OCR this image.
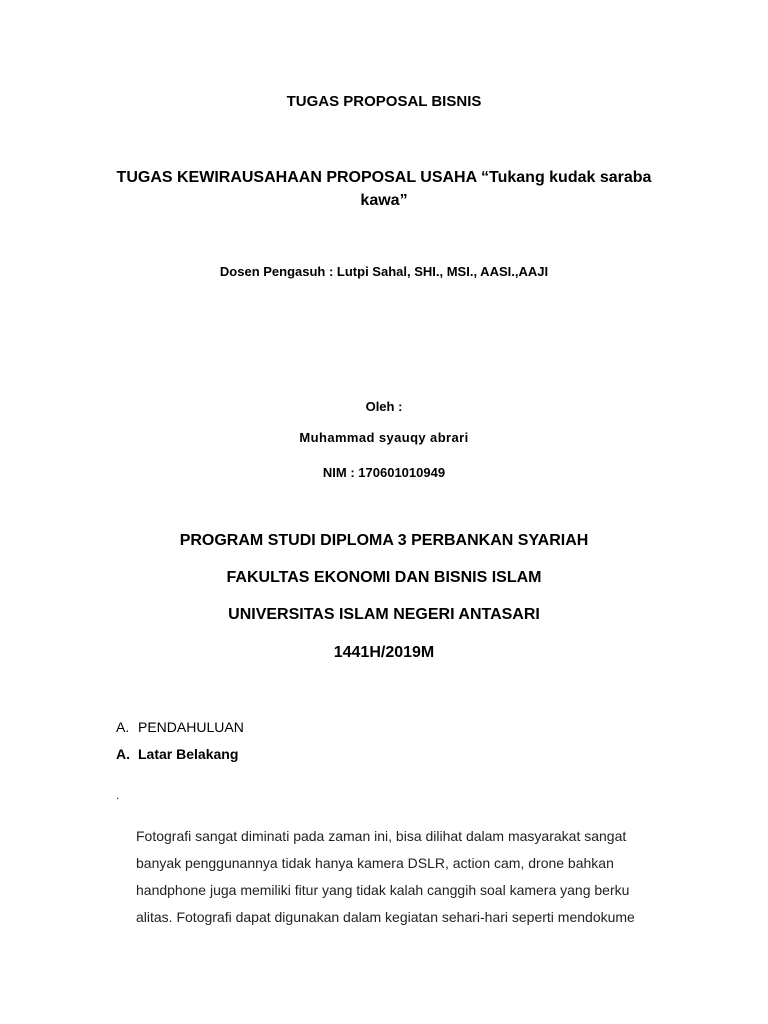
TUGAS PROPOSAL BISNIS
TUGAS KEWIRAUSAHAAN PROPOSAL USAHA “Tukang kudak saraba kawa”
Dosen Pengasuh : Lutpi Sahal, SHI., MSI., AASI.,AAJI
Oleh :
Muhammad syauqy abrari
NIM : 170601010949
PROGRAM STUDI DIPLOMA 3 PERBANKAN SYARIAH
FAKULTAS EKONOMI DAN BISNIS ISLAM
UNIVERSITAS ISLAM NEGERI ANTASARI
1441H/2019M
A. PENDAHULUAN
A. Latar Belakang
.
Fotografi sangat diminati pada zaman ini, bisa dilihat dalam masyarakat sangat
banyak penggunannya tidak hanya kamera DSLR, action cam, drone bahkan
handphone juga memiliki fitur yang tidak kalah canggih soal kamera yang berku
alitas. Fotografi dapat digunakan dalam kegiatan sehari-hari seperti mendokume
